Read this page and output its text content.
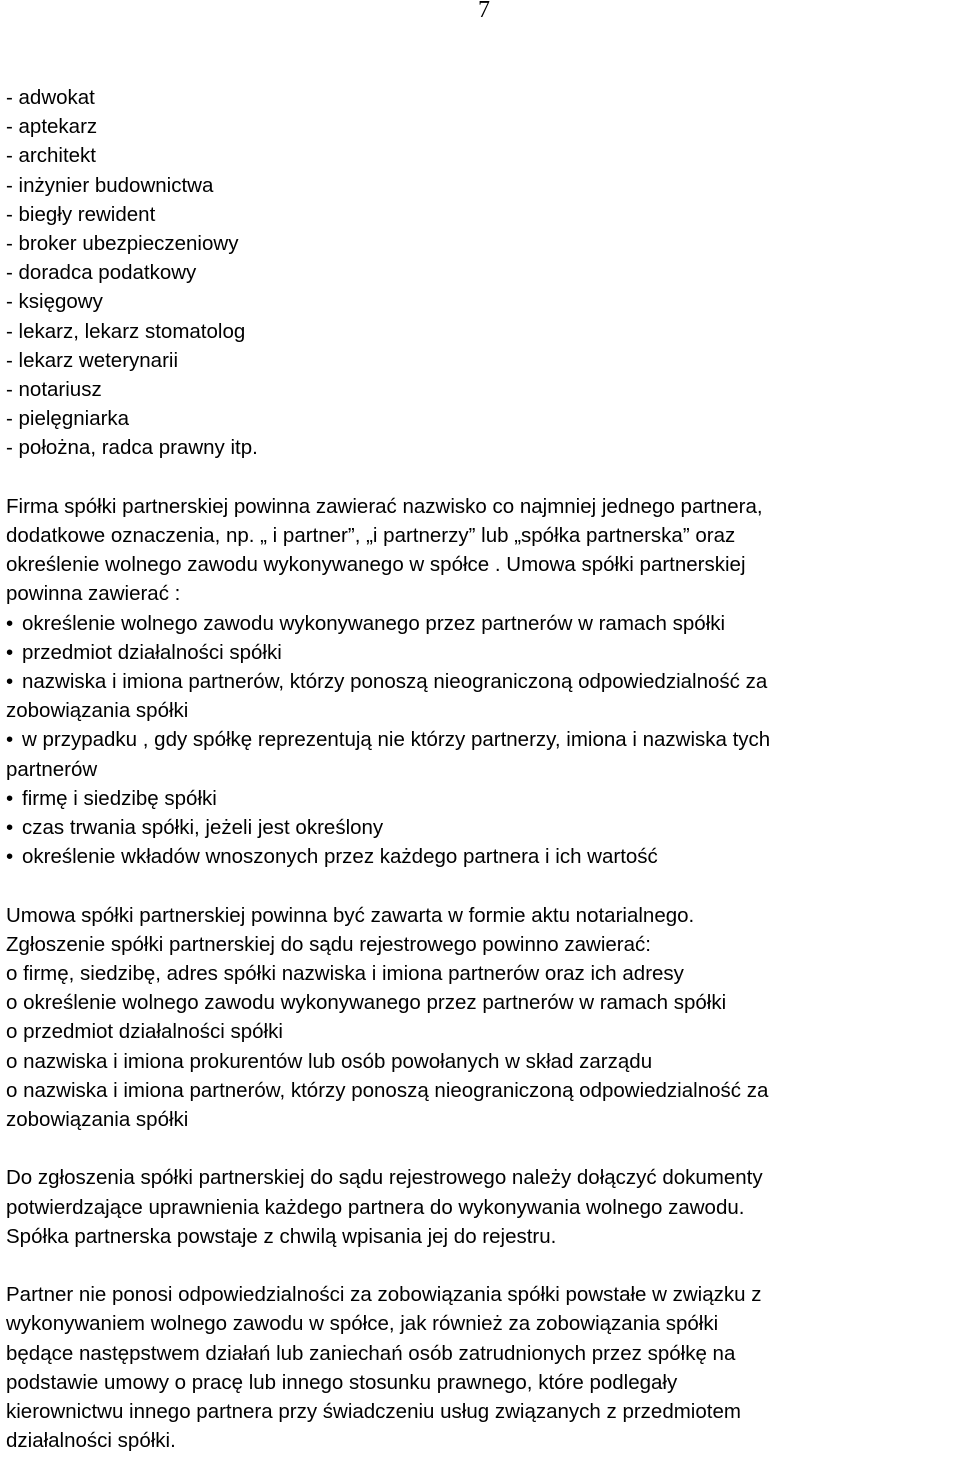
7
- adwokat
- aptekarz
- architekt
- inżynier budownictwa
- biegły rewident
- broker ubezpieczeniowy
- doradca podatkowy
- księgowy
- lekarz, lekarz stomatolog
- lekarz weterynarii
- notariusz
- pielęgniarka
- położna, radca prawny itp.
Firma spółki partnerskiej powinna zawierać nazwisko co najmniej jednego partnera,
dodatkowe oznaczenia, np. „ i partner”, „i partnerzy” lub „spółka partnerska” oraz
określenie wolnego zawodu wykonywanego w spółce . Umowa spółki partnerskiej
powinna zawierać :
• określenie wolnego zawodu wykonywanego przez partnerów w ramach spółki
• przedmiot działalności spółki
• nazwiska i imiona partnerów, którzy ponoszą nieograniczoną odpowiedzialność za
zobowiązania spółki
• w przypadku , gdy spółkę reprezentują nie którzy partnerzy, imiona i nazwiska tych
partnerów
• firmę i siedzibę spółki
• czas trwania spółki, jeżeli jest określony
• określenie wkładów wnoszonych przez każdego partnera i ich wartość
Umowa spółki partnerskiej powinna być zawarta w formie aktu notarialnego.
Zgłoszenie spółki partnerskiej do sądu rejestrowego powinno zawierać:
o firmę, siedzibę, adres spółki nazwiska i imiona partnerów oraz ich adresy
o określenie wolnego zawodu wykonywanego przez partnerów w ramach spółki
o przedmiot działalności spółki
o nazwiska i imiona prokurentów lub osób powołanych w skład zarządu
o nazwiska i imiona partnerów, którzy ponoszą nieograniczoną odpowiedzialność za
zobowiązania spółki
Do zgłoszenia spółki partnerskiej do sądu rejestrowego należy dołączyć dokumenty
potwierdzające uprawnienia każdego partnera do wykonywania wolnego zawodu.
Spółka partnerska powstaje z chwilą wpisania jej do rejestru.
Partner nie ponosi odpowiedzialności za zobowiązania spółki powstałe w związku z
wykonywaniem wolnego zawodu w spółce, jak również za zobowiązania spółki
będące następstwem działań lub zaniechań osób zatrudnionych przez spółkę na
podstawie umowy o pracę lub innego stosunku prawnego, które podlegały
kierownictwu innego partnera przy świadczeniu usług związanych z przedmiotem
działalności spółki.
